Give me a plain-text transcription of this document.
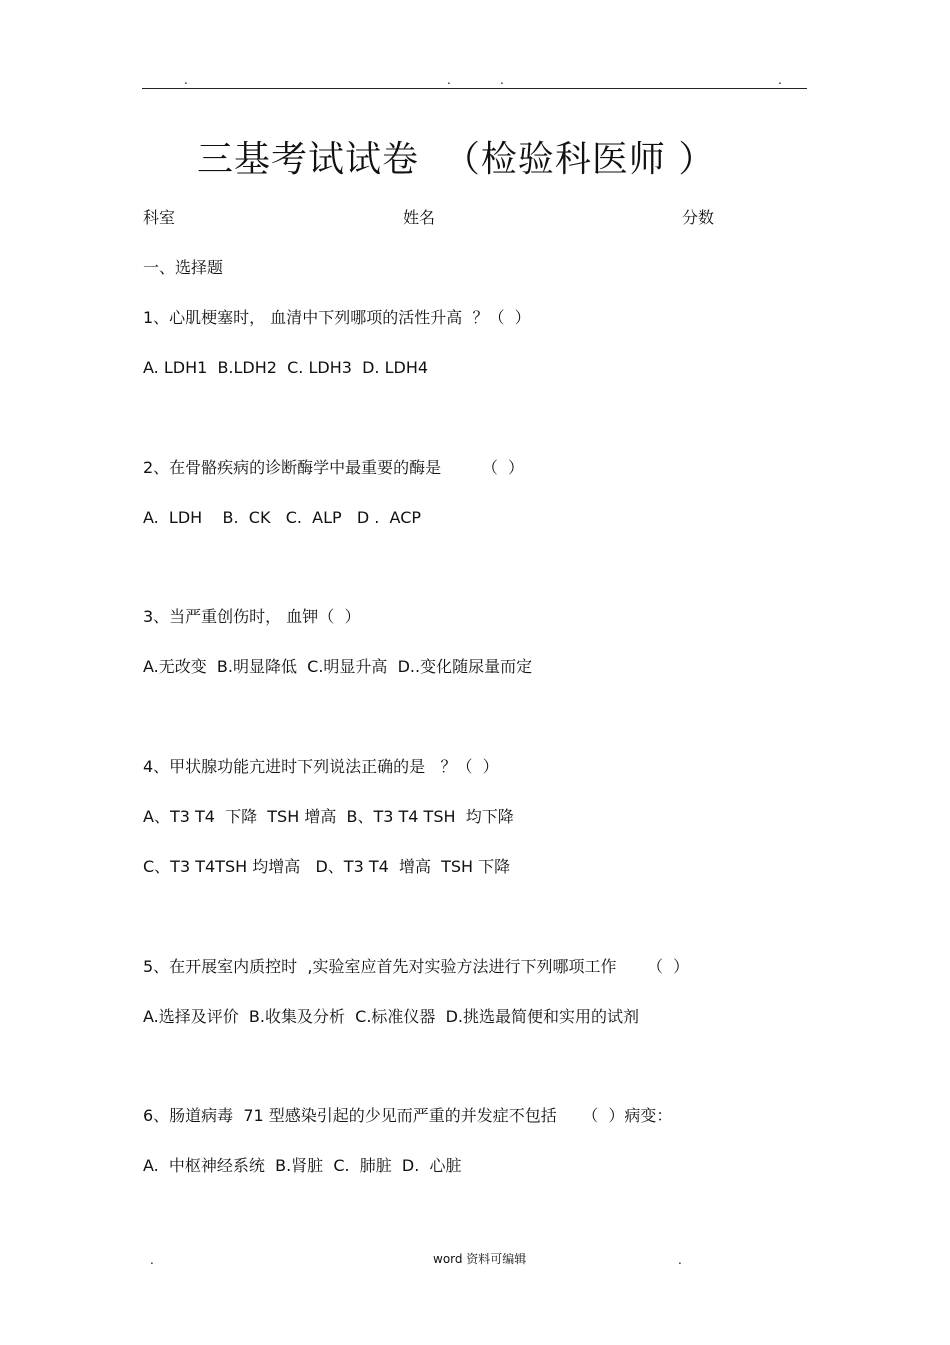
.	.	.	.
三基考试试卷  （检验科医师 ）
科室	姓名	分数
一、选择题
1、心肌梗塞时， 血清中下列哪项的活性升高  ？（  ）
A. LDH1  B.LDH2  C. LDH3  D. LDH4
2、在骨骼疾病的诊断酶学中最重要的酶是        （  ）
A.  LDH    B.  CK   C.  ALP   D .  ACP
3、当严重创伤时， 血钾（  ）
A.无改变  B.明显降低  C.明显升高  D..变化随尿量而定
4、甲状腺功能亢进时下列说法正确的是   ？（  ）
A、T3 T4  下降  TSH 增高  B、T3 T4 TSH  均下降
C、T3 T4TSH 均增高   D、T3 T4  增高  TSH 下降
5、在开展室内质控时  ,实验室应首先对实验方法进行下列哪项工作      （  ）
A.选择及评价  B.收集及分析  C.标准仪器  D.挑选最简便和实用的试剂
6、肠道病毒  71 型感染引起的少见而严重的并发症不包括     （  ）病变：
A.  中枢神经系统  B.肾脏  C.  肺脏  D.  心脏
.	word 资料可编辑	.
